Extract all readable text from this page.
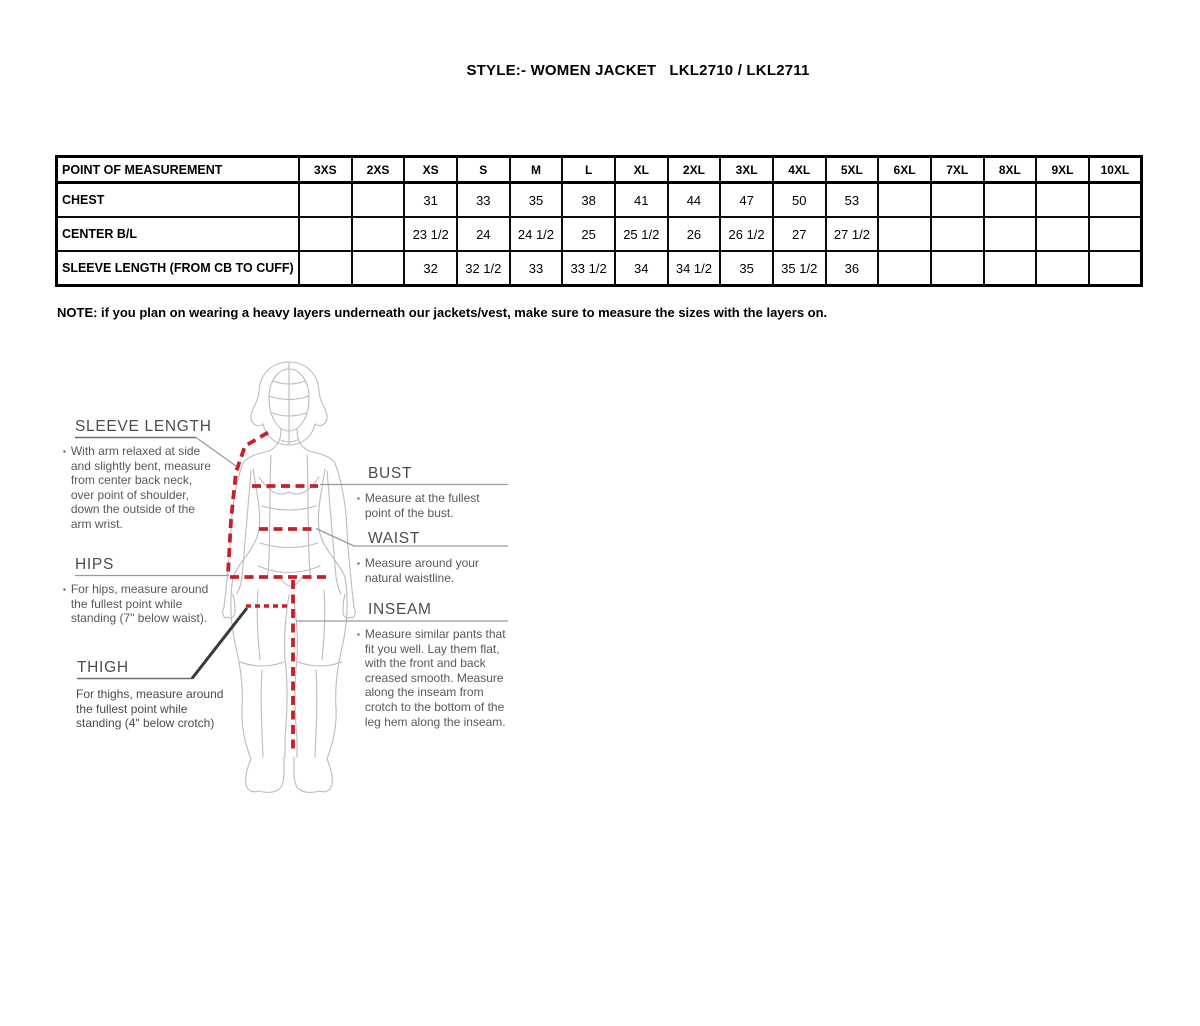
STYLE:- WOMEN JACKET   LKL2710 / LKL2711
POINT OF MEASUREMENT	3XS	2XS	XS	S	M	L	XL	2XL	3XL	4XL	5XL	6XL	7XL	8XL	9XL	10XL
CHEST			31	33	35	38	41	44	47	50	53					
CENTER B/L			23 1/2	24	24 1/2	25	25 1/2	26	26 1/2	27	27 1/2					
SLEEVE LENGTH (FROM CB TO CUFF)			32	32 1/2	33	33 1/2	34	34 1/2	35	35 1/2	36					
NOTE: if you plan on wearing a heavy layers underneath our jackets/vest, make sure to measure the sizes with the layers on.
SLEEVE LENGTH
▪ With arm relaxed at side and slightly bent, measure from center back neck, over point of shoulder, down the outside of the arm wrist.
HIPS
▪ For hips, measure around the fullest point while standing (7" below waist).
THIGH
For thighs, measure around the fullest point while standing (4" below crotch)
BUST
▪ Measure at the fullest point of the bust.
WAIST
▪ Measure around your natural waistline.
INSEAM
▪ Measure similar pants that fit you well. Lay them flat, with the front and back creased smooth. Measure along the inseam from crotch to the bottom of the leg hem along the inseam.
